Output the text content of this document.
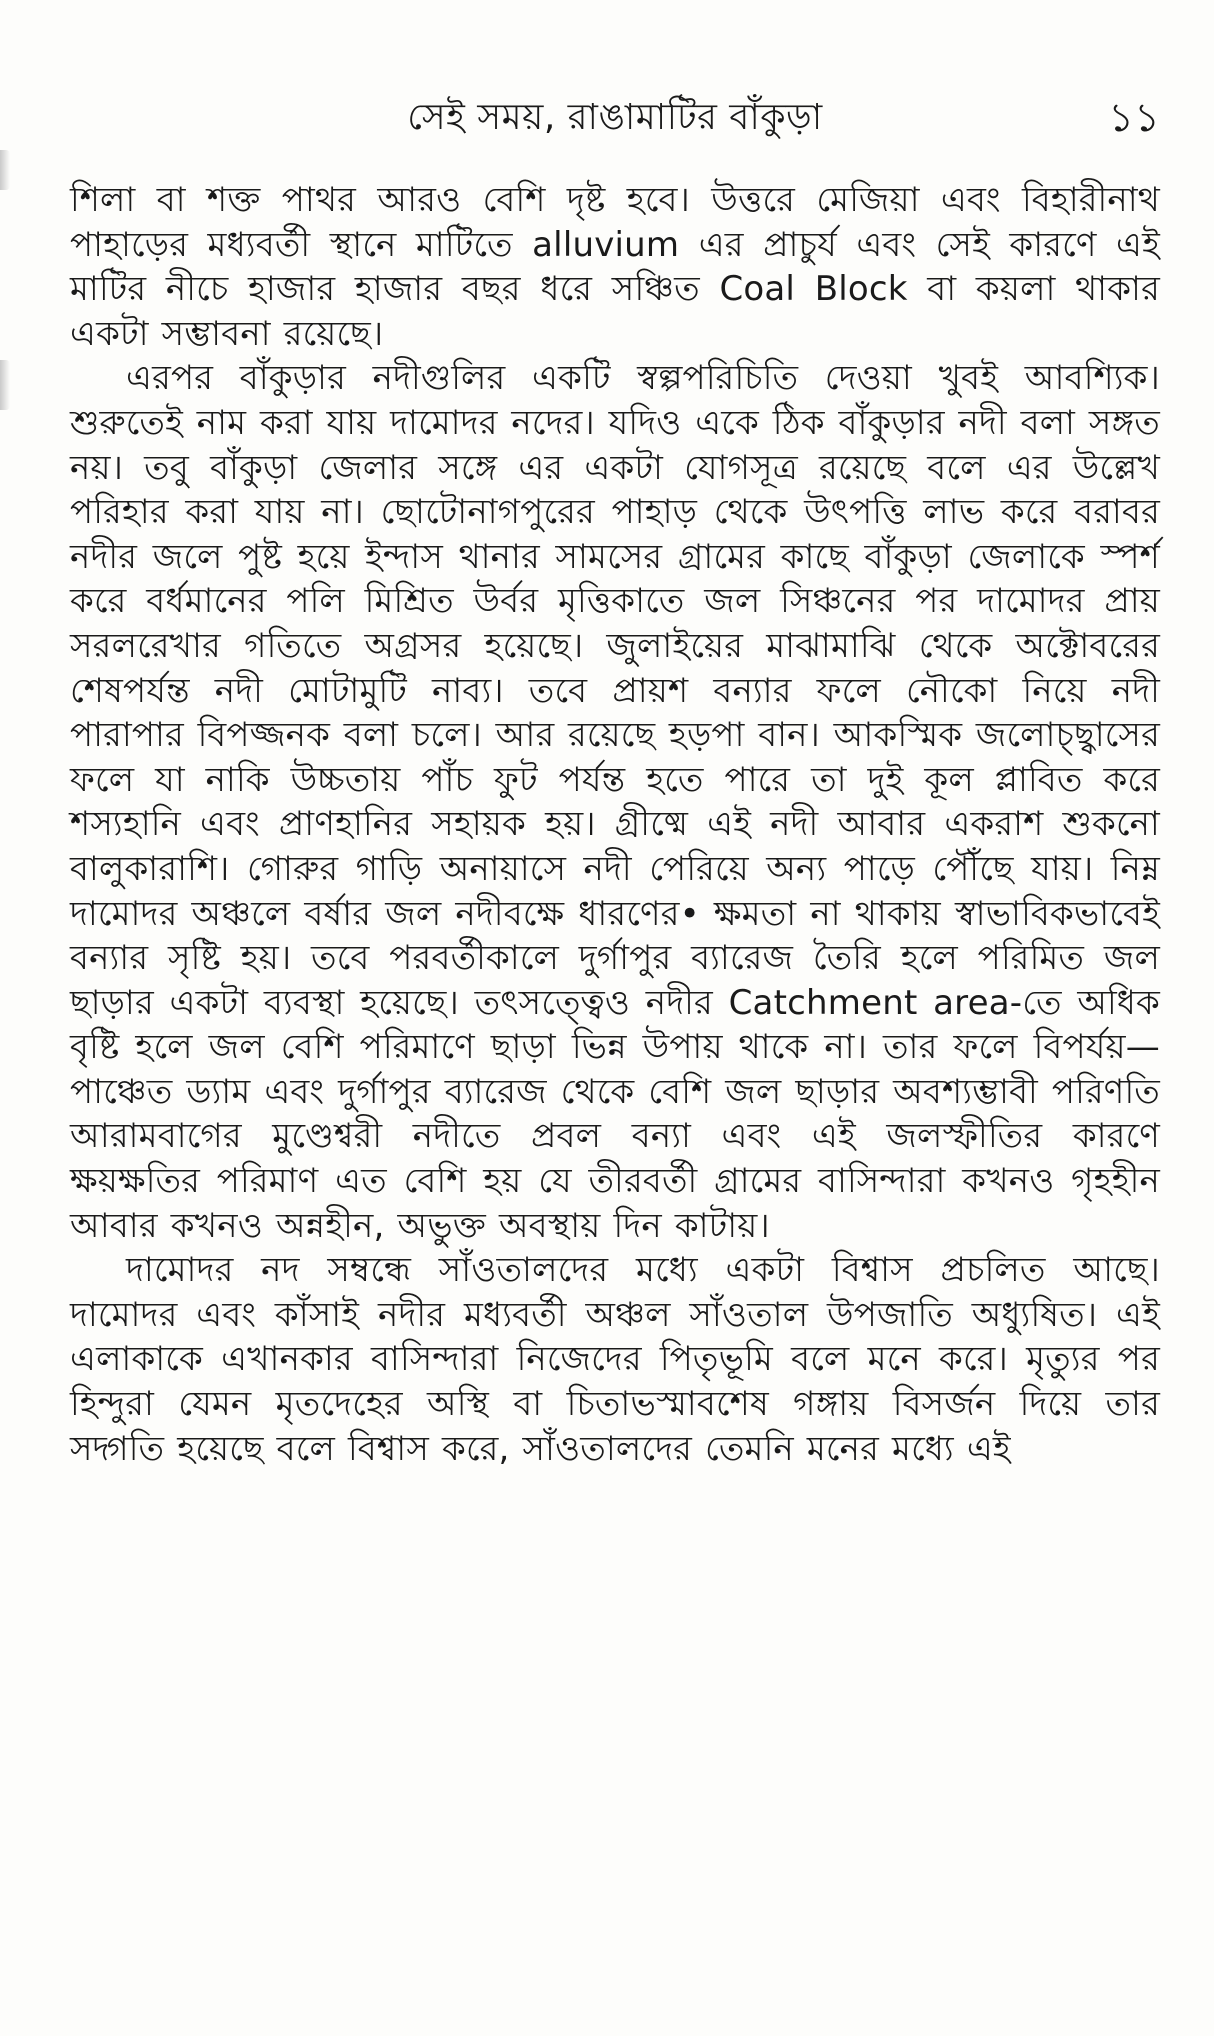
সেই সময়, রাঙামাটির বাঁকুড়া	১১

শিলা বা শক্ত পাথর আরও বেশি দৃষ্ট হবে। উত্তরে মেজিয়া এবং বিহারীনাথ পাহাড়ের মধ্যবর্তী স্থানে মাটিতে alluvium এর প্রাচুর্য এবং সেই কারণে এই মাটির নীচে হাজার হাজার বছর ধরে সঞ্চিত Coal Block বা কয়লা থাকার একটা সম্ভাবনা রয়েছে।

এরপর বাঁকুড়ার নদীগুলির একটি স্বল্পপরিচিতি দেওয়া খুবই আবশ্যিক। শুরুতেই নাম করা যায় দামোদর নদের। যদিও একে ঠিক বাঁকুড়ার নদী বলা সঙ্গত নয়। তবু বাঁকুড়া জেলার সঙ্গে এর একটা যোগসূত্র রয়েছে বলে এর উল্লেখ পরিহার করা যায় না। ছোটোনাগপুরের পাহাড় থেকে উৎপত্তি লাভ করে বরাবর নদীর জলে পুষ্ট হয়ে ইন্দাস থানার সামসের গ্রামের কাছে বাঁকুড়া জেলাকে স্পর্শ করে বর্ধমানের পলি মিশ্রিত উর্বর মৃত্তিকাতে জল সিঞ্চনের পর দামোদর প্রায় সরলরেখার গতিতে অগ্রসর হয়েছে। জুলাইয়ের মাঝামাঝি থেকে অক্টোবরের শেষপর্যন্ত নদী মোটামুটি নাব্য। তবে প্রায়শ বন্যার ফলে নৌকো নিয়ে নদী পারাপার বিপজ্জনক বলা চলে। আর রয়েছে হড়পা বান। আকস্মিক জলোচ্ছ্বাসের ফলে যা নাকি উচ্চতায় পাঁচ ফুট পর্যন্ত হতে পারে তা দুই কূল প্লাবিত করে শস্যহানি এবং প্রাণহানির সহায়ক হয়। গ্রীষ্মে এই নদী আবার একরাশ শুকনো বালুকারাশি। গোরুর গাড়ি অনায়াসে নদী পেরিয়ে অন্য পাড়ে পৌঁছে যায়। নিম্ন দামোদর অঞ্চলে বর্ষার জল নদীবক্ষে ধারণের• ক্ষমতা না থাকায় স্বাভাবিকভাবেই বন্যার সৃষ্টি হয়। তবে পরবর্তীকালে দুর্গাপুর ব্যারেজ তৈরি হলে পরিমিত জল ছাড়ার একটা ব্যবস্থা হয়েছে। তৎসত্ত্বেও নদীর Catchment area-তে অধিক বৃষ্টি হলে জল বেশি পরিমাণে ছাড়া ভিন্ন উপায় থাকে না। তার ফলে বিপর্যয়—পাঞ্চেত ড্যাম এবং দুর্গাপুর ব্যারেজ থেকে বেশি জল ছাড়ার অবশ্যম্ভাবী পরিণতি আরামবাগের মুণ্ডেশ্বরী নদীতে প্রবল বন্যা এবং এই জলস্ফীতির কারণে ক্ষয়ক্ষতির পরিমাণ এত বেশি হয় যে তীরবর্তী গ্রামের বাসিন্দারা কখনও গৃহহীন আবার কখনও অন্নহীন, অভুক্ত অবস্থায় দিন কাটায়।

দামোদর নদ সম্বন্ধে সাঁওতালদের মধ্যে একটা বিশ্বাস প্রচলিত আছে। দামোদর এবং কাঁসাই নদীর মধ্যবর্তী অঞ্চল সাঁওতাল উপজাতি অধ্যুষিত। এই এলাকাকে এখানকার বাসিন্দারা নিজেদের পিতৃভূমি বলে মনে করে। মৃত্যুর পর হিন্দুরা যেমন মৃতদেহের অস্থি বা চিতাভস্মাবশেষ গঙ্গায় বিসর্জন দিয়ে তার সদ্গতি হয়েছে বলে বিশ্বাস করে, সাঁওতালদের তেমনি মনের মধ্যে এই
